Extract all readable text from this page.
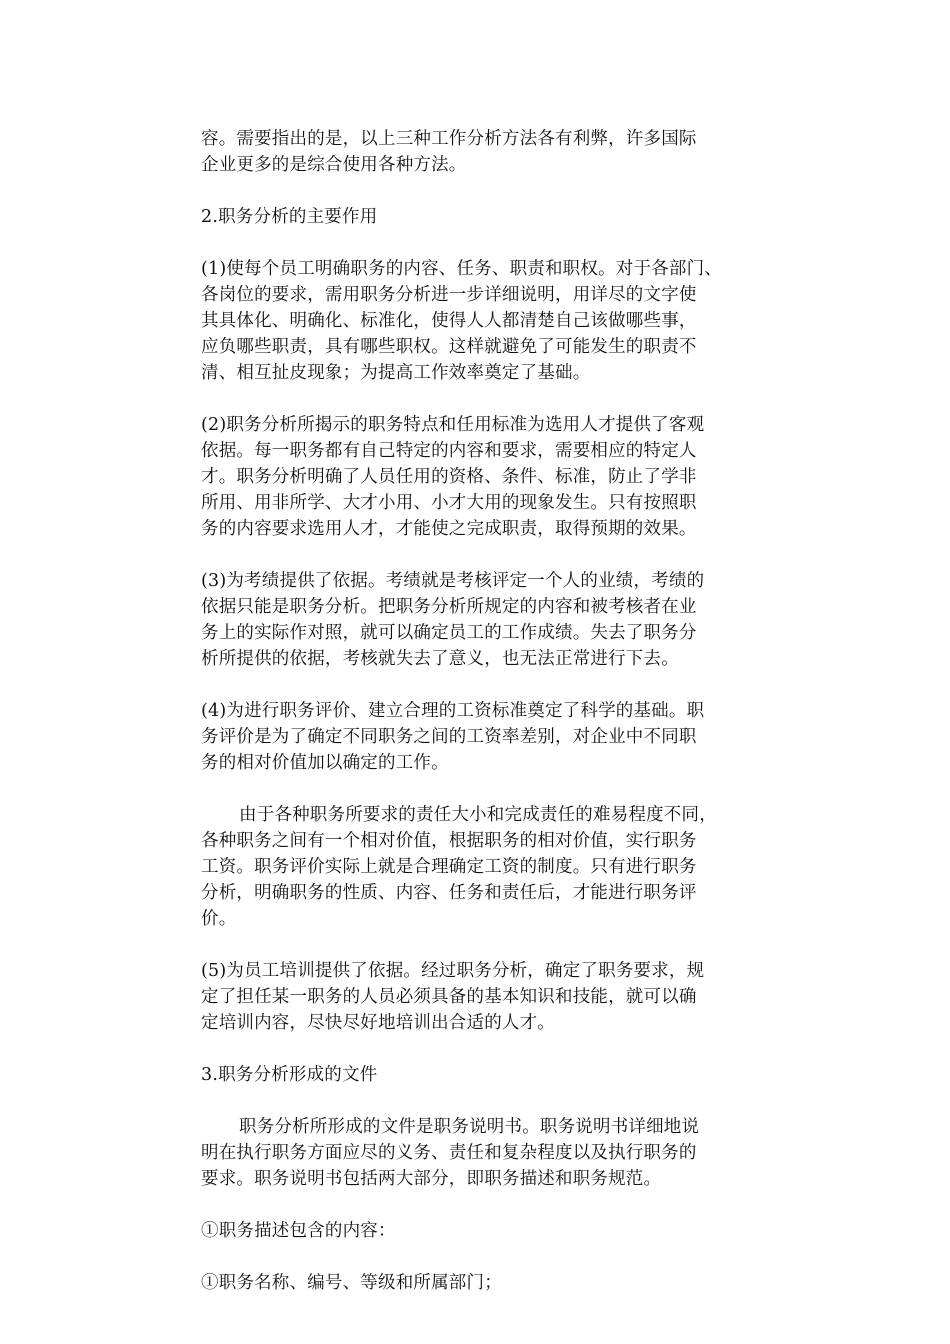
容。需要指出的是，以上三种工作分析方法各有利弊，许多国际
企业更多的是综合使用各种方法。
2.职务分析的主要作用
(1)使每个员工明确职务的内容、任务、职责和职权。对于各部门、
各岗位的要求，需用职务分析进一步详细说明，用详尽的文字使
其具体化、明确化、标准化，使得人人都清楚自己该做哪些事，
应负哪些职责，具有哪些职权。这样就避免了可能发生的职责不
清、相互扯皮现象；为提高工作效率奠定了基础。
(2)职务分析所揭示的职务特点和任用标准为选用人才提供了客观
依据。每一职务都有自己特定的内容和要求，需要相应的特定人
才。职务分析明确了人员任用的资格、条件、标准，防止了学非
所用、用非所学、大才小用、小才大用的现象发生。只有按照职
务的内容要求选用人才，才能使之完成职责，取得预期的效果。
(3)为考绩提供了依据。考绩就是考核评定一个人的业绩，考绩的
依据只能是职务分析。把职务分析所规定的内容和被考核者在业
务上的实际作对照，就可以确定员工的工作成绩。失去了职务分
析所提供的依据，考核就失去了意义，也无法正常进行下去。
(4)为进行职务评价、建立合理的工资标准奠定了科学的基础。职
务评价是为了确定不同职务之间的工资率差别，对企业中不同职
务的相对价值加以确定的工作。
由于各种职务所要求的责任大小和完成责任的难易程度不同，
各种职务之间有一个相对价值，根据职务的相对价值，实行职务
工资。职务评价实际上就是合理确定工资的制度。只有进行职务
分析，明确职务的性质、内容、任务和责任后，才能进行职务评
价。
(5)为员工培训提供了依据。经过职务分析，确定了职务要求，规
定了担任某一职务的人员必须具备的基本知识和技能，就可以确
定培训内容，尽快尽好地培训出合适的人才。
3.职务分析形成的文件
职务分析所形成的文件是职务说明书。职务说明书详细地说
明在执行职务方面应尽的义务、责任和复杂程度以及执行职务的
要求。职务说明书包括两大部分，即职务描述和职务规范。
①职务描述包含的内容：
①职务名称、编号、等级和所属部门；
